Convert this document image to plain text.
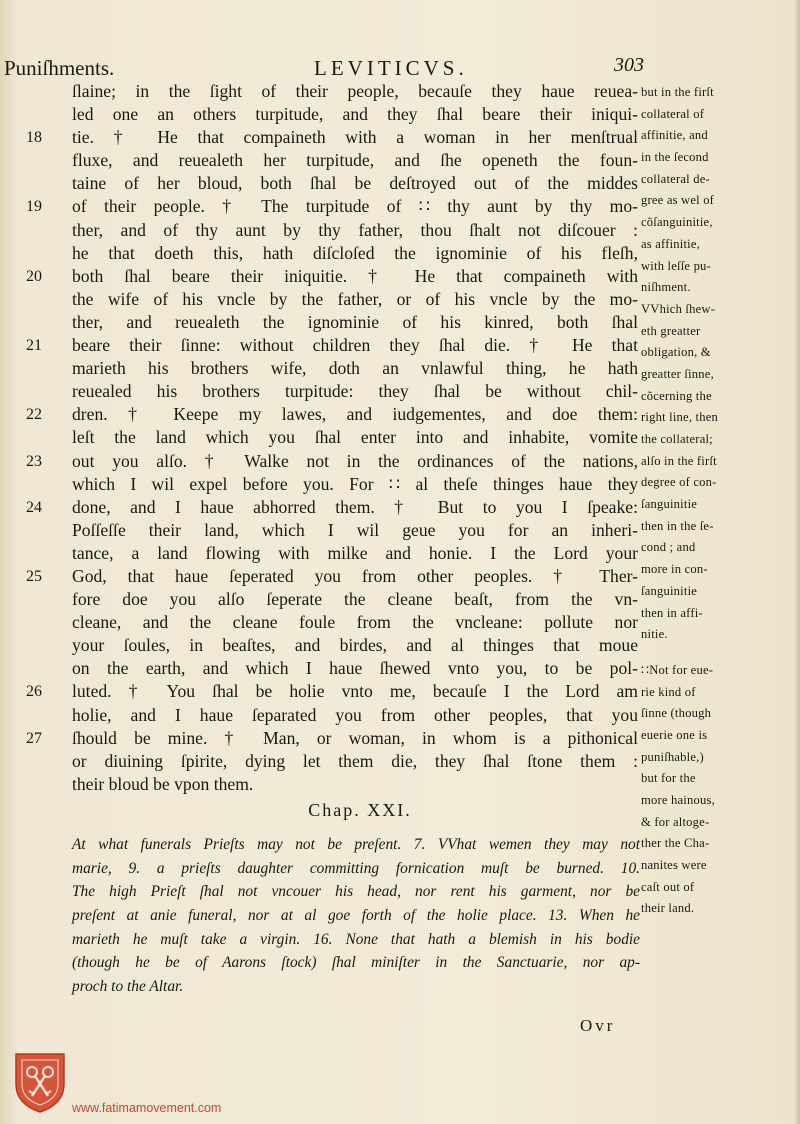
Puniſhments.	LEVITICVS.	303
ſlaine; in the ſight of their people, becauſe they haue reuea-
led one an others turpitude, and they ſhal beare their iniqui-
18	tie. † He that compaineth with a woman in her menſtrual
fluxe, and reuealeth her turpitude, and ſhe openeth the foun-
taine of her bloud, both ſhal be deſtroyed out of the middes
19	of their people. † The turpitude of ∷ thy aunt by thy mo-
ther, and of thy aunt by thy father, thou ſhalt not diſcouer :
he that doeth this, hath diſcloſed the ignominie of his fleſh,
20	both ſhal beare their iniquitie. † He that compaineth with
the wife of his vncle by the father, or of his vncle by the mo-
ther, and reuealeth the ignominie of his kinred, both ſhal
21	beare their ſinne: without children they ſhal die. † He that
marieth his brothers wife, doth an vnlawful thing, he hath
reuealed his brothers turpitude: they ſhal be without chil-
22	dren. † Keepe my lawes, and iudgementes, and doe them:
leſt the land which you ſhal enter into and inhabite, vomite
23	out you alſo. † Walke not in the ordinances of the nations,
which I wil expel before you. For ∷ al theſe thinges haue they
24	done, and I haue abhorred them. † But to you I ſpeake:
Poſſeſſe their land, which I wil geue you for an inheri-
tance, a land flowing with milke and honie. I the Lord your
25	God, that haue ſeperated you from other peoples. † Ther-
fore doe you alſo ſeperate the cleane beaſt, from the vn-
cleane, and the cleane foule from the vncleane: pollute nor
your ſoules, in beaſtes, and birdes, and al thinges that moue
on the earth, and which I haue ſhewed vnto you, to be pol-
26	luted. † You ſhal be holie vnto me, becauſe I the Lord am
holie, and I haue ſeparated you from other peoples, that you
27	ſhould be mine. † Man, or woman, in whom is a pithonical
or diuining ſpirite, dying let them die, they ſhal ſtone them :
their bloud be vpon them.
but in the firſt
collateral of
affinitie, and
in the ſecond
collateral de-
gree as wel of
cõſanguinitie,
as affinitie,
with leſſe pu-
niſhment.
VVhich ſhew-
eth greatter
obligation, &
greatter ſinne,
cõcerning the
right line, then
the collateral;
alſo in the firſt
degree of con-
ſanguinitie
then in the ſe-
cond ; and
more in con-
ſanguinitie
then in affi-
nitie.
∷Not for eue-
rie kind of
ſinne (though
euerie one is
puniſhable,)
but for the
more hainous,
& for altoge-
ther the Cha-
nanites were
caſt out of
their land.
Chap. XXI.
At what funerals Prieſts may not be preſent. 7. VVhat wemen they may not
marie, 9. a prieſts daughter committing fornication muſt be burned. 10.
The high Prieſt ſhal not vncouer his head, nor rent his garment, nor be
preſent at anie funeral, nor at al goe forth of the holie place. 13. When he
marieth he muſt take a virgin. 16. None that hath a blemish in his bodie
(though he be of Aarons ſtock) ſhal miniſter in the Sanctuarie, nor ap-
proch to the Altar.
Ovr
www.fatimamovement.com
